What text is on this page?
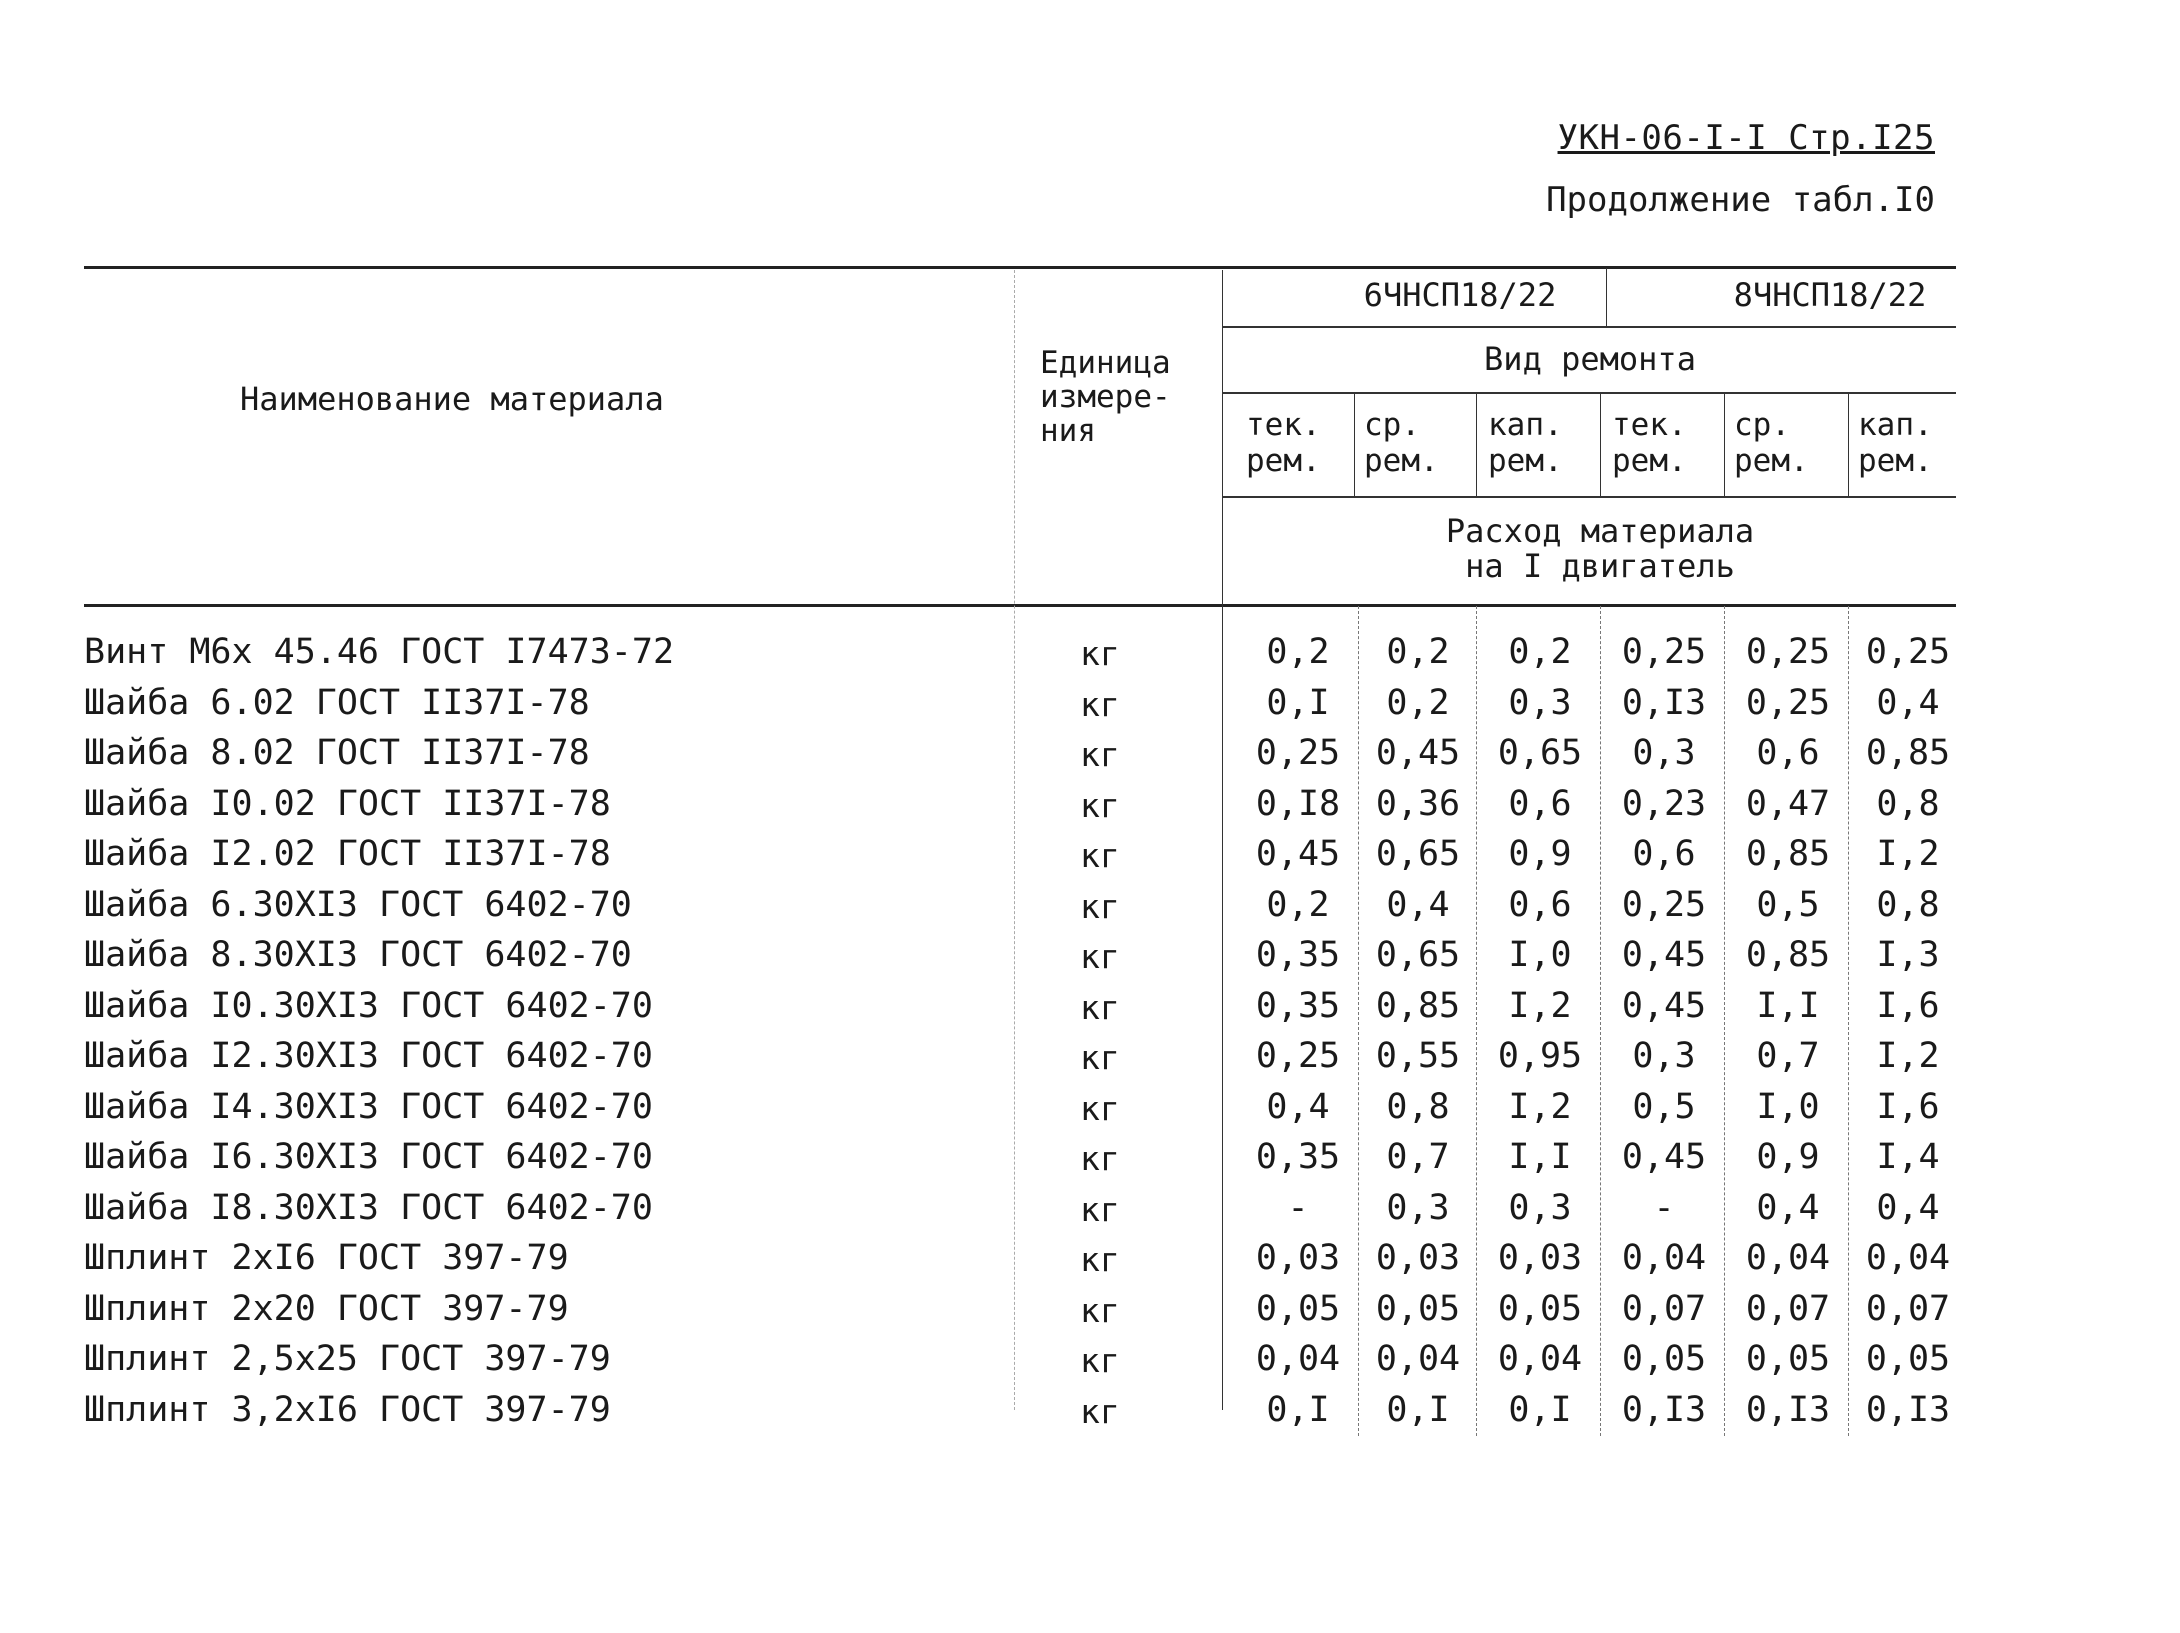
УКН-06-I-I Стр.I25
Продолжение табл.I0
Наименование материала
Единица
измере-
ния
6ЧНСП18/22	8ЧНСП18/22
Вид ремонта
тек.
рем.
ср.
рем.
кап.
рем.
тек.
рем.
ср.
рем.
кап.
рем.
Расход материала
на I двигатель
Винт М6х 45.46 ГОСТ I7473-72	кг	0,2	0,2	0,2	0,25	0,25	0,25
Шайба 6.02 ГОСТ II37I-78	кг	0,I	0,2	0,3	0,I3	0,25	0,4
Шайба 8.02 ГОСТ II37I-78	кг	0,25	0,45	0,65	0,3	0,6	0,85
Шайба I0.02 ГОСТ II37I-78	кг	0,I8	0,36	0,6	0,23	0,47	0,8
Шайба I2.02 ГОСТ II37I-78	кг	0,45	0,65	0,9	0,6	0,85	I,2
Шайба 6.30XI3 ГОСТ 6402-70	кг	0,2	0,4	0,6	0,25	0,5	0,8
Шайба 8.30XI3 ГОСТ 6402-70	кг	0,35	0,65	I,0	0,45	0,85	I,3
Шайба I0.30XI3 ГОСТ 6402-70	кг	0,35	0,85	I,2	0,45	I,I	I,6
Шайба I2.30XI3 ГОСТ 6402-70	кг	0,25	0,55	0,95	0,3	0,7	I,2
Шайба I4.30XI3 ГОСТ 6402-70	кг	0,4	0,8	I,2	0,5	I,0	I,6
Шайба I6.30XI3 ГОСТ 6402-70	кг	0,35	0,7	I,I	0,45	0,9	I,4
Шайба I8.30XI3 ГОСТ 6402-70	кг	-	0,3	0,3	-	0,4	0,4
Шплинт 2xI6 ГОСТ 397-79	кг	0,03	0,03	0,03	0,04	0,04	0,04
Шплинт 2x20 ГОСТ 397-79	кг	0,05	0,05	0,05	0,07	0,07	0,07
Шплинт 2,5x25 ГОСТ 397-79	кг	0,04	0,04	0,04	0,05	0,05	0,05
Шплинт 3,2xI6 ГОСТ 397-79	кг	0,I	0,I	0,I	0,I3	0,I3	0,I3
